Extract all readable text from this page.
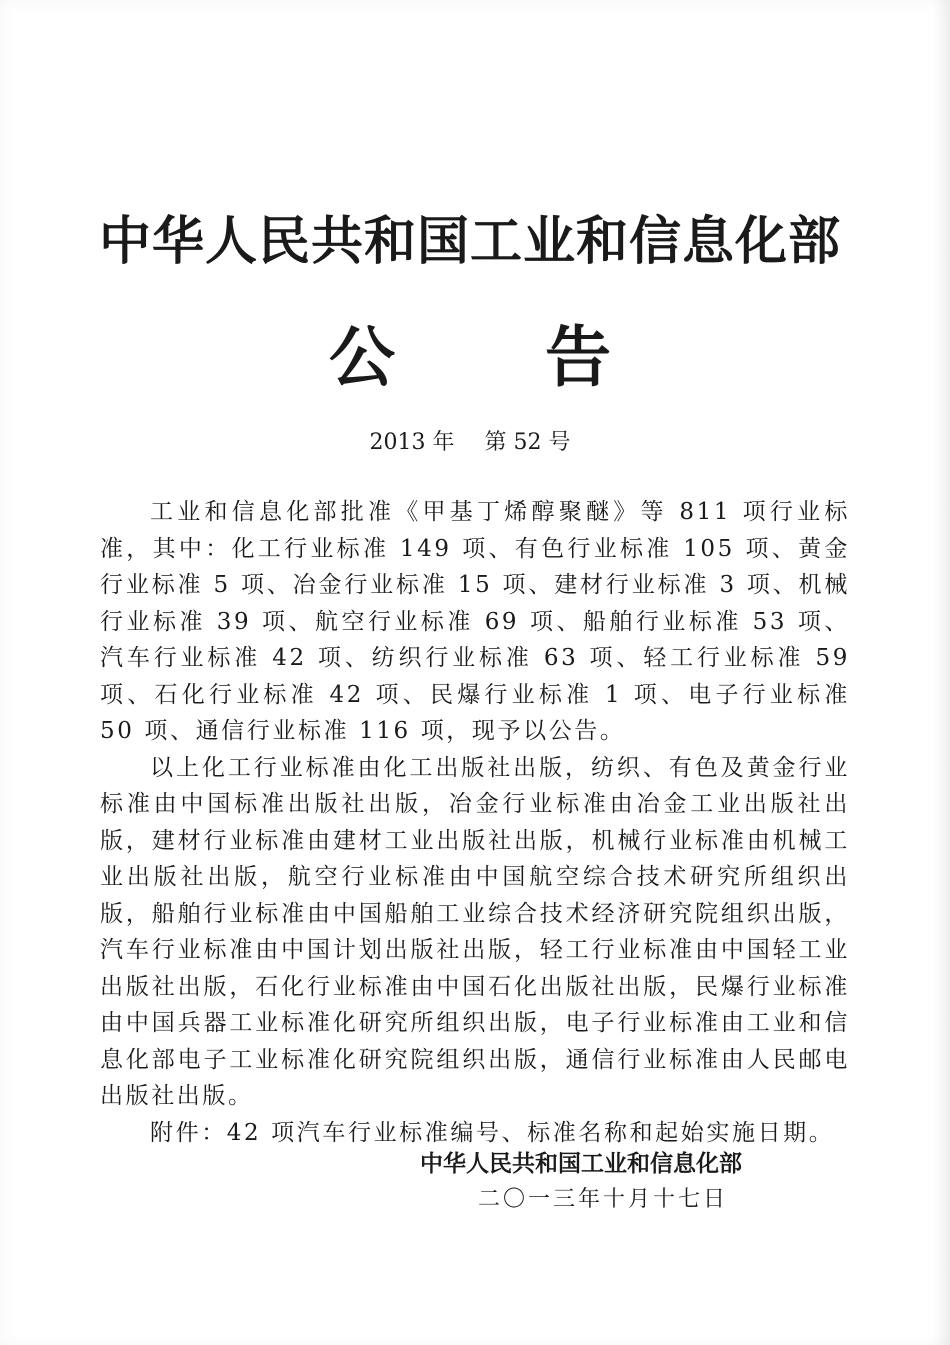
中华人民共和国工业和信息化部
公告
2013 年 第 52 号

工业和信息化部批准《甲基丁烯醇聚醚》等 811 项行业标准，其中：化工行业标准 149 项、有色行业标准 105 项、黄金行业标准 5 项、冶金行业标准 15 项、建材行业标准 3 项、机械行业标准 39 项、航空行业标准 69 项、船舶行业标准 53 项、汽车行业标准 42 项、纺织行业标准 63 项、轻工行业标准 59 项、石化行业标准 42 项、民爆行业标准 1 项、电子行业标准 50 项、通信行业标准 116 项，现予以公告。

以上化工行业标准由化工出版社出版，纺织、有色及黄金行业标准由中国标准出版社出版，冶金行业标准由冶金工业出版社出版，建材行业标准由建材工业出版社出版，机械行业标准由机械工业出版社出版，航空行业标准由中国航空综合技术研究所组织出版，船舶行业标准由中国船舶工业综合技术经济研究院组织出版，汽车行业标准由中国计划出版社出版，轻工行业标准由中国轻工业出版社出版，石化行业标准由中国石化出版社出版，民爆行业标准由中国兵器工业标准化研究所组织出版，电子行业标准由工业和信息化部电子工业标准化研究院组织出版，通信行业标准由人民邮电出版社出版。

附件：42 项汽车行业标准编号、标准名称和起始实施日期。

中华人民共和国工业和信息化部
二〇一三年十月十七日
